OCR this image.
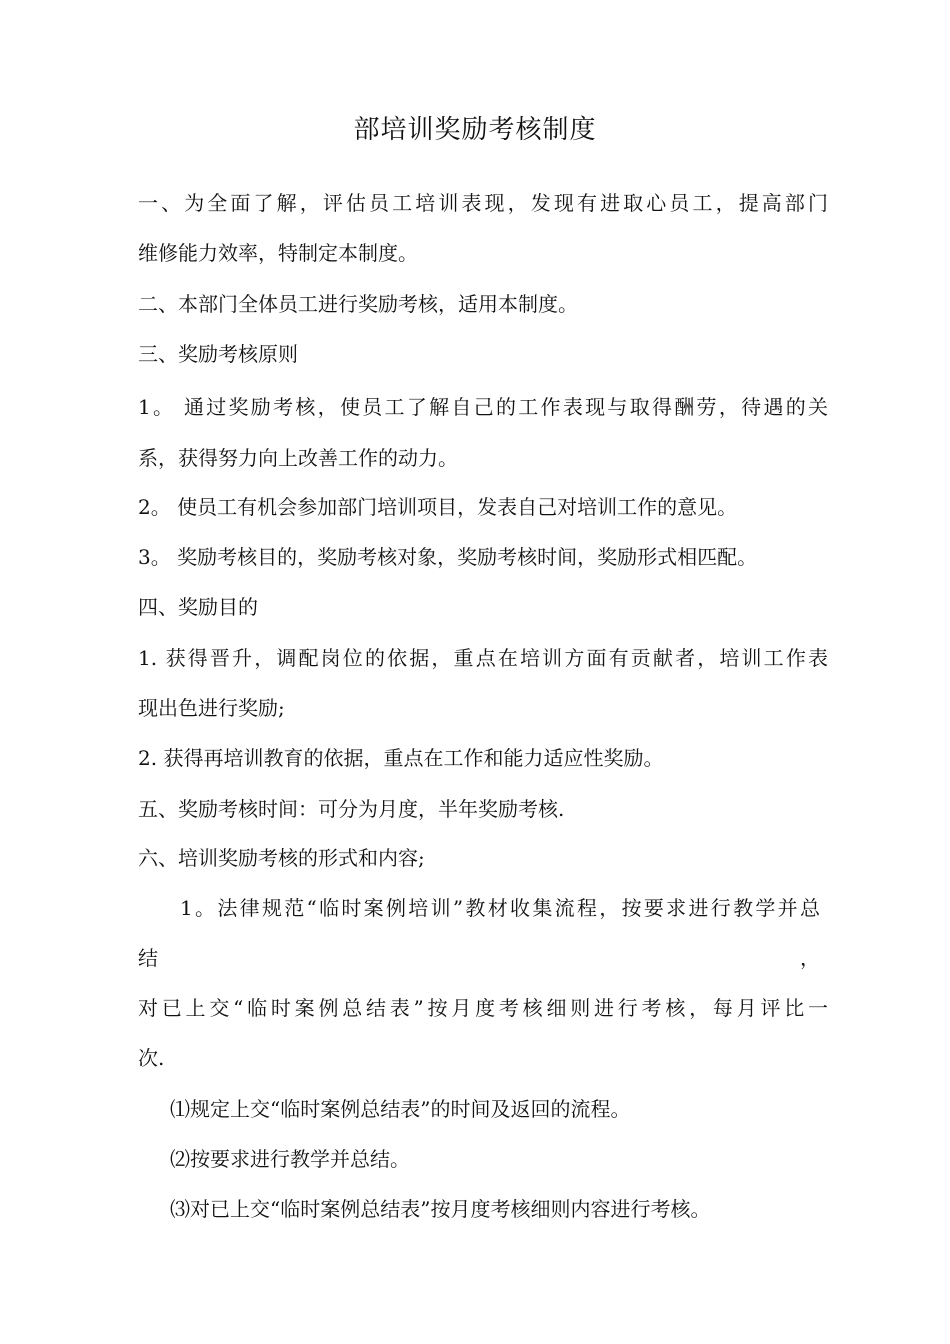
部培训奖励考核制度
一、为全面了解，评估员工培训表现，发现有进取心员工，提高部门
维修能力效率，特制定本制度。
二、本部门全体员工进行奖励考核，适用本制度。
三、奖励考核原则
1。 通过奖励考核，使员工了解自己的工作表现与取得酬劳，待遇的关
系，获得努力向上改善工作的动力。
2。 使员工有机会参加部门培训项目，发表自己对培训工作的意见。
3。 奖励考核目的，奖励考核对象，奖励考核时间，奖励形式相匹配。
四、奖励目的
1. 获得晋升，调配岗位的依据，重点在培训方面有贡献者，培训工作表
现出色进行奖励;
2. 获得再培训教育的依据，重点在工作和能力适应性奖励。
五、奖励考核时间：可分为月度，半年奖励考核.
六、培训奖励考核的形式和内容;
1。法律规范“临时案例培训”教材收集流程，按要求进行教学并总
结	，
对已上交“临时案例总结表”按月度考核细则进行考核，每月评比一
次.
⑴规定上交“临时案例总结表”的时间及返回的流程。
⑵按要求进行教学并总结。
⑶对已上交“临时案例总结表”按月度考核细则内容进行考核。
